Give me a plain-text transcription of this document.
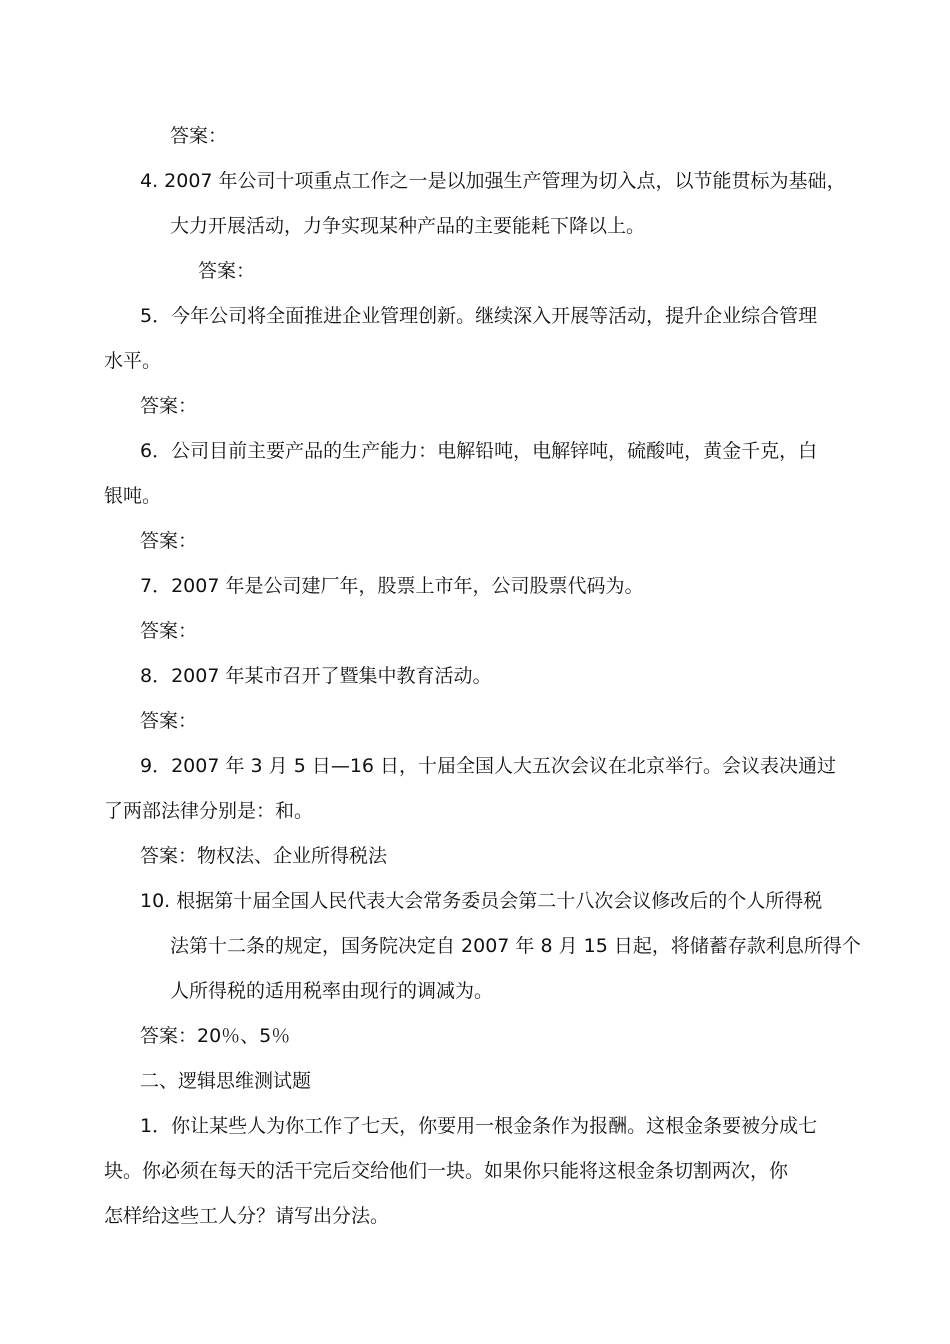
答案：
4. 2007 年公司十项重点工作之一是以加强生产管理为切入点，以节能贯标为基础，
大力开展活动，力争实现某种产品的主要能耗下降以上。
答案：
5．今年公司将全面推进企业管理创新。继续深入开展等活动，提升企业综合管理
水平。
答案：
6．公司目前主要产品的生产能力：电解铅吨，电解锌吨，硫酸吨，黄金千克，白
银吨。
答案：
7．2007 年是公司建厂年，股票上市年，公司股票代码为。
答案：
8．2007 年某市召开了暨集中教育活动。
答案：
9．2007 年 3 月 5 日—16 日，十届全国人大五次会议在北京举行。会议表决通过
了两部法律分别是：和。
答案：物权法、企业所得税法
10. 根据第十届全国人民代表大会常务委员会第二十八次会议修改后的个人所得税
法第十二条的规定，国务院决定自 2007 年 8 月 15 日起，将储蓄存款利息所得个
人所得税的适用税率由现行的调减为。
答案：20％、5％
二、逻辑思维测试题
1．你让某些人为你工作了七天，你要用一根金条作为报酬。这根金条要被分成七
块。你必须在每天的活干完后交给他们一块。如果你只能将这根金条切割两次，你
怎样给这些工人分？请写出分法。
